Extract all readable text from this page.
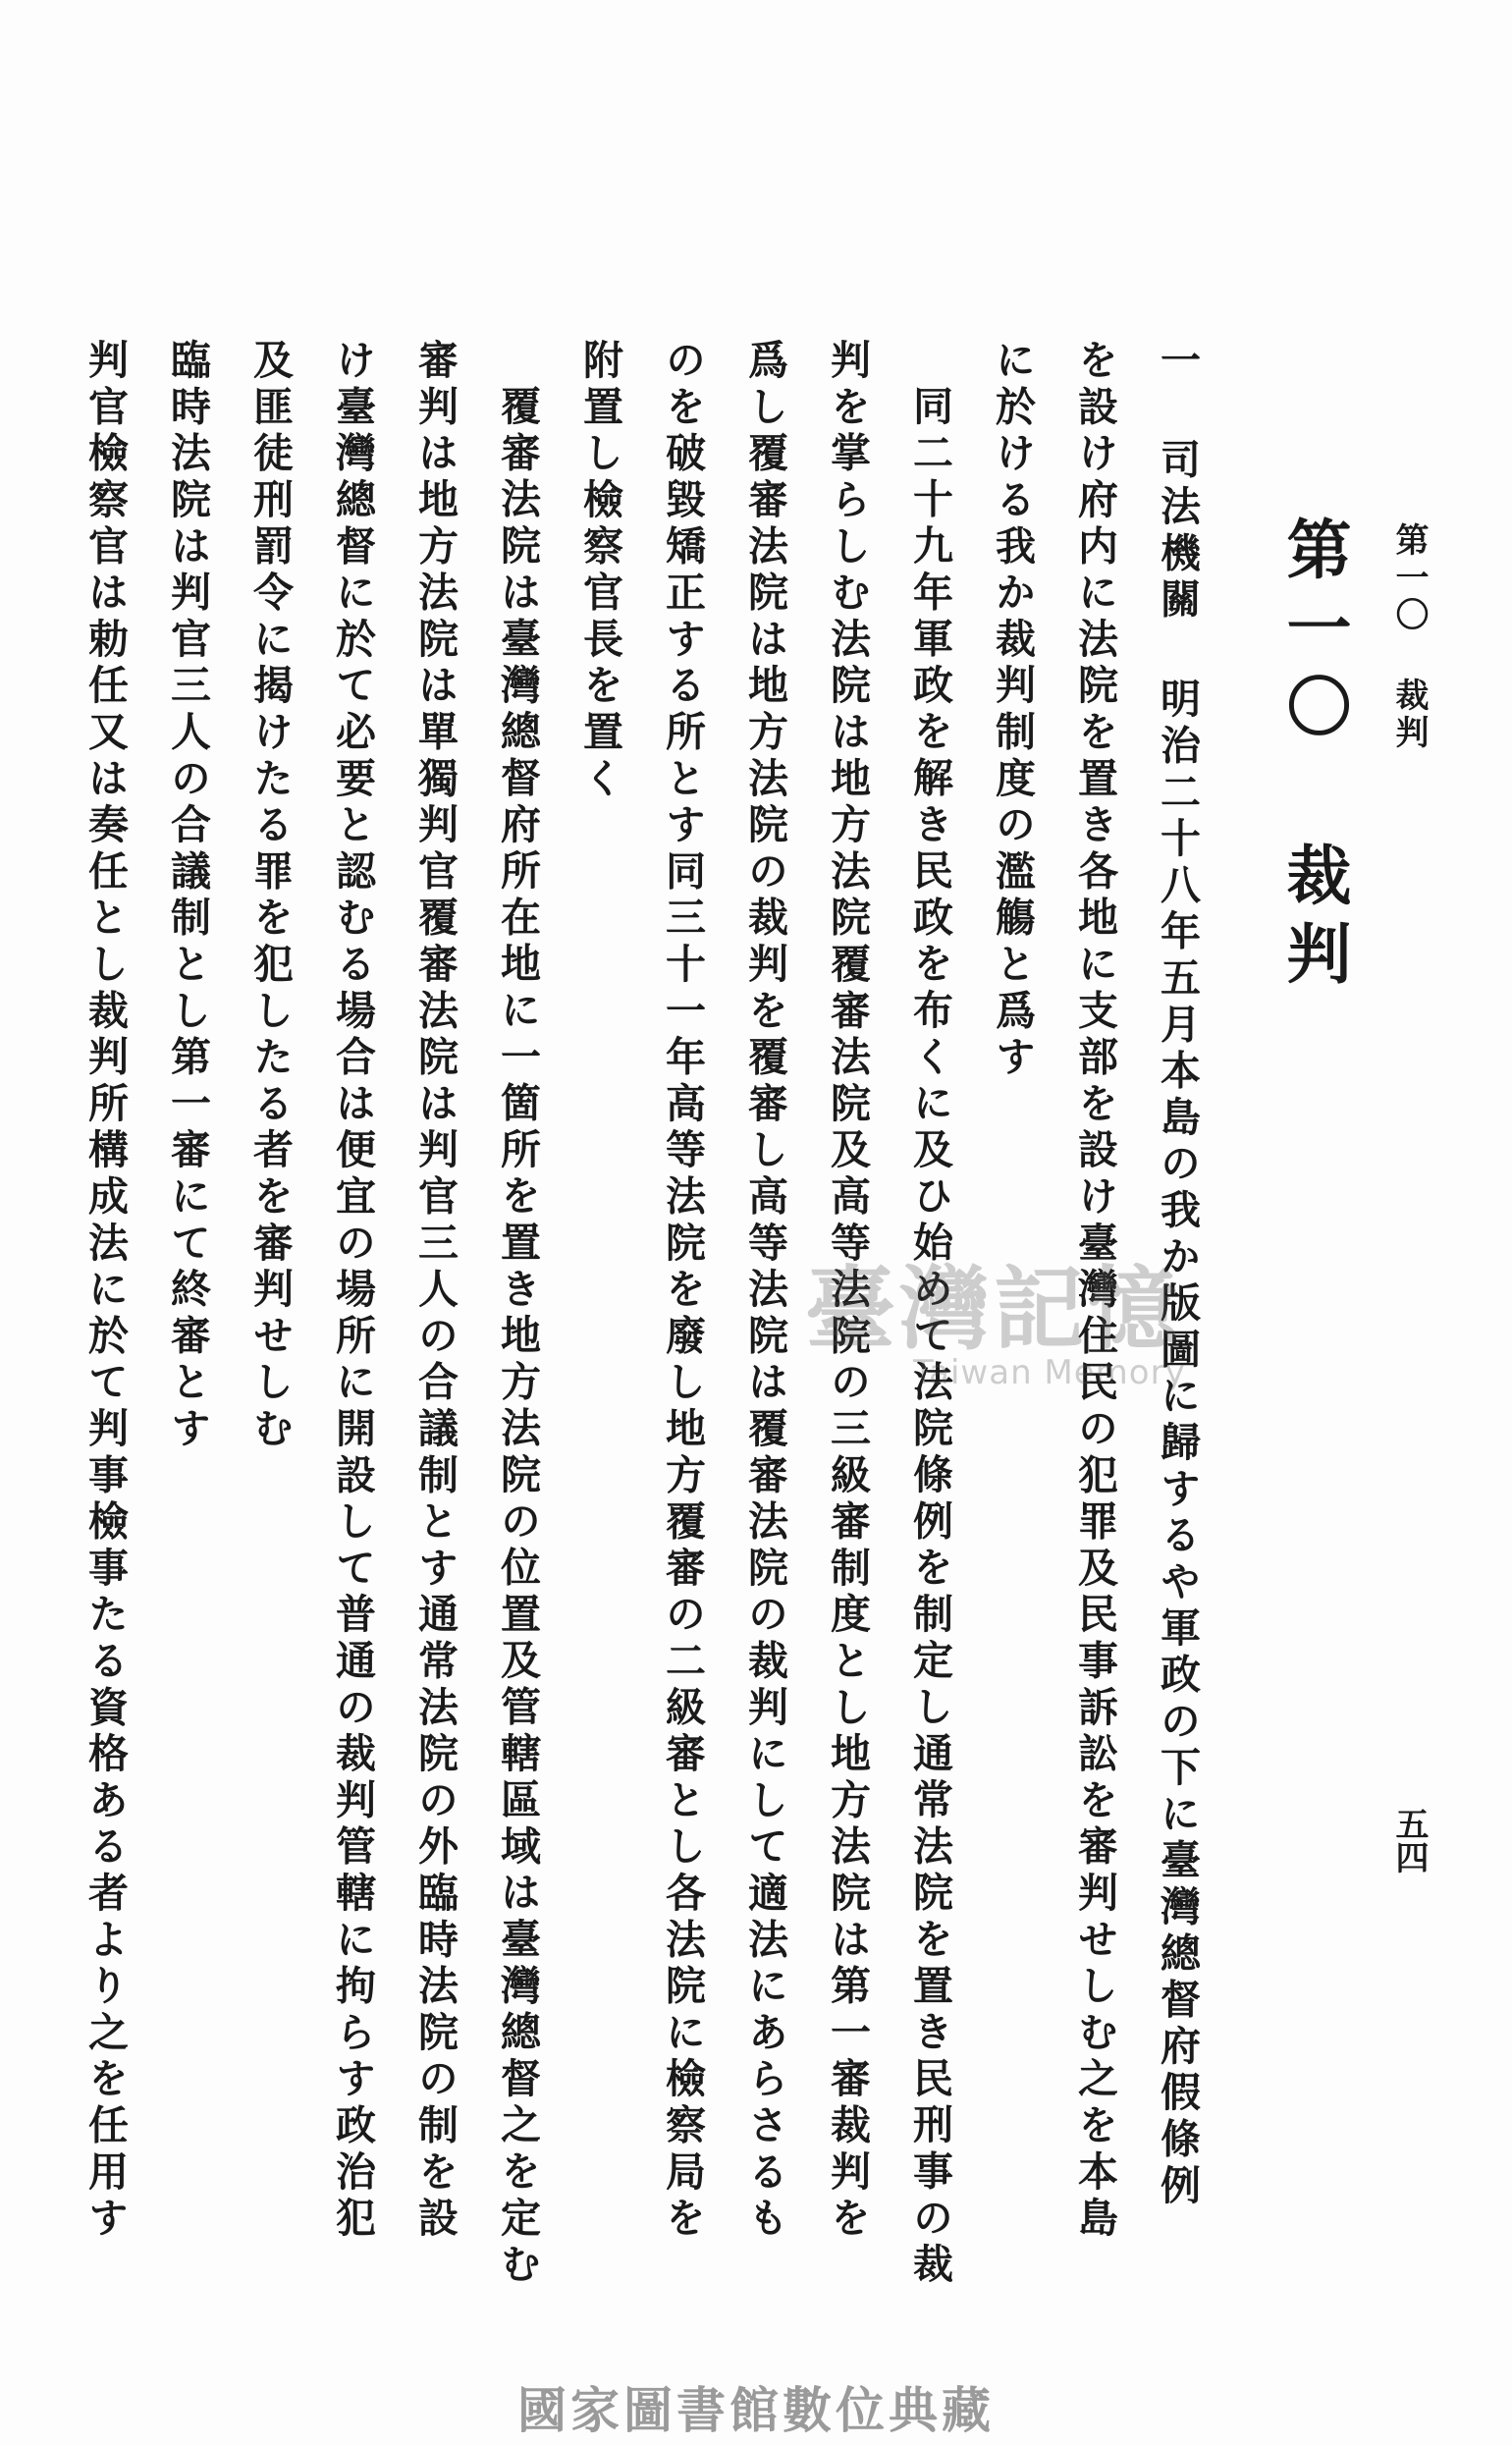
第一〇 裁判
五四
第一〇 裁判
一 司法機關 明治二十八年五月本島の我か版圖に歸するや軍政の下に臺灣總督府假條例
を設け府内に法院を置き各地に支部を設け臺灣住民の犯罪及民事訴訟を審判せしむ之を本島
に於ける我か裁判制度の濫觴と爲す
同二十九年軍政を解き民政を布くに及ひ始めて法院條例を制定し通常法院を置き民刑事の裁
判を掌らしむ法院は地方法院覆審法院及高等法院の三級審制度とし地方法院は第一審裁判を
爲し覆審法院は地方法院の裁判を覆審し高等法院は覆審法院の裁判にして適法にあらさるも
のを破毀矯正する所とす同三十一年高等法院を廢し地方覆審の二級審とし各法院に檢察局を
附置し檢察官長を置く
覆審法院は臺灣總督府所在地に一箇所を置き地方法院の位置及管轄區域は臺灣總督之を定む
審判は地方法院は單獨判官覆審法院は判官三人の合議制とす通常法院の外臨時法院の制を設
け臺灣總督に於て必要と認むる場合は便宜の場所に開設して普通の裁判管轄に拘らす政治犯
及匪徒刑罰令に揭けたる罪を犯したる者を審判せしむ
臨時法院は判官三人の合議制とし第一審にて終審とす
判官檢察官は勅任又は奏任とし裁判所構成法に於て判事檢事たる資格ある者より之を任用す	臺灣記憶
Taiwan Memory
國家圖書館數位典藏
